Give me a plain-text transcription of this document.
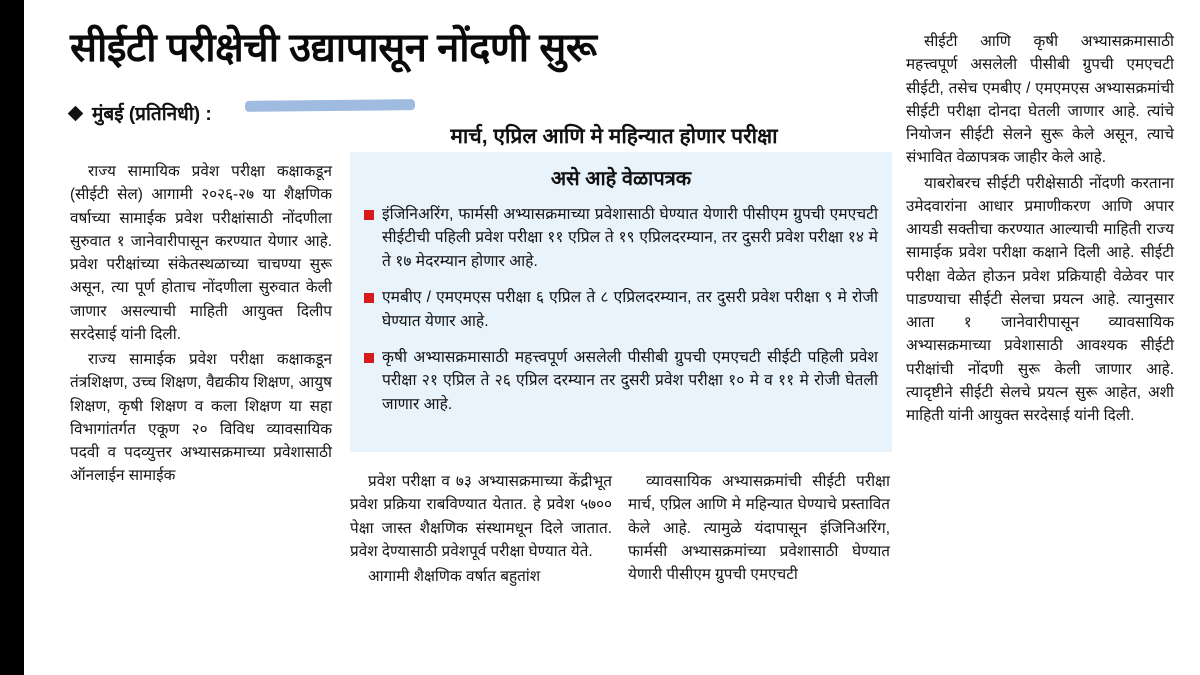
सीईटी परीक्षेची उद्यापासून नोंदणी सुरू
मुंबई (प्रतिनिधी) :
मार्च, एप्रिल आणि मे महिन्यात होणार परीक्षा

राज्य सामायिक प्रवेश परीक्षा कक्षाकडून (सीईटी सेल) आगामी २०२६-२७ या शैक्षणिक वर्षाच्या सामाईक प्रवेश परीक्षांसाठी नोंदणीला सुरुवात १ जानेवारीपासून करण्यात येणार आहे. प्रवेश परीक्षांच्या संकेतस्थळाच्या चाचण्या सुरू असून, त्या पूर्ण होताच नोंदणीला सुरुवात केली जाणार असल्याची माहिती आयुक्त दिलीप सरदेसाई यांनी दिली.

राज्य सामाईक प्रवेश परीक्षा कक्षाकडून तंत्रशिक्षण, उच्च शिक्षण, वैद्यकीय शिक्षण, आयुष शिक्षण, कृषी शिक्षण व कला शिक्षण या सहा विभागांतर्गत एकूण २० विविध व्यावसायिक पदवी व पदव्युत्तर अभ्यासक्रमाच्या प्रवेशासाठी ऑनलाईन सामाईक

असे आहे वेळापत्रक
इंजिनिअरिंग, फार्मसी अभ्यासक्रमाच्या प्रवेशासाठी घेण्यात येणारी पीसीएम ग्रुपची एमएचटी सीईटीची पहिली प्रवेश परीक्षा ११ एप्रिल ते १९ एप्रिलदरम्यान, तर दुसरी प्रवेश परीक्षा १४ मे ते १७ मेदरम्यान होणार आहे.
एमबीए / एमएमएस परीक्षा ६ एप्रिल ते ८ एप्रिलदरम्यान, तर दुसरी प्रवेश परीक्षा ९ मे रोजी घेण्यात येणार आहे.
कृषी अभ्यासक्रमासाठी महत्त्वपूर्ण असलेली पीसीबी ग्रुपची एमएचटी सीईटी पहिली प्रवेश परीक्षा २१ एप्रिल ते २६ एप्रिल दरम्यान तर दुसरी प्रवेश परीक्षा १० मे व ११ मे रोजी घेतली जाणार आहे.

प्रवेश परीक्षा व ७३ अभ्यासक्रमाच्या केंद्रीभूत प्रवेश प्रक्रिया राबविण्यात येतात. हे प्रवेश ५७०० पेक्षा जास्त शैक्षणिक संस्थामधून दिले जातात. प्रवेश देण्यासाठी प्रवेशपूर्व परीक्षा घेण्यात येते.

आगामी शैक्षणिक वर्षात बहुतांश

व्यावसायिक अभ्यासक्रमांची सीईटी परीक्षा मार्च, एप्रिल आणि मे महिन्यात घेण्याचे प्रस्तावित केले आहे. त्यामुळे यंदापासून इंजिनिअरिंग, फार्मसी अभ्यासक्रमांच्या प्रवेशासाठी घेण्यात येणारी पीसीएम ग्रुपची एमएचटी

सीईटी आणि कृषी अभ्यासक्रमासाठी महत्त्वपूर्ण असलेली पीसीबी ग्रुपची एमएचटी सीईटी, तसेच एमबीए / एमएमएस अभ्यासक्रमांची सीईटी परीक्षा दोनदा घेतली जाणार आहे. त्यांचे नियोजन सीईटी सेलने सुरू केले असून, त्याचे संभावित वेळापत्रक जाहीर केले आहे.

याबरोबरच सीईटी परीक्षेसाठी नोंदणी करताना उमेदवारांना आधार प्रमाणीकरण आणि अपार आयडी सक्तीचा करण्यात आल्याची माहिती राज्य सामाईक प्रवेश परीक्षा कक्षाने दिली आहे. सीईटी परीक्षा वेळेत होऊन प्रवेश प्रक्रियाही वेळेवर पार पाडण्याचा सीईटी सेलचा प्रयत्न आहे. त्यानुसार आता १ जानेवारीपासून व्यावसायिक अभ्यासक्रमाच्या प्रवेशासाठी आवश्यक सीईटी परीक्षांची नोंदणी सुरू केली जाणार आहे. त्यादृष्टीने सीईटी सेलचे प्रयत्न सुरू आहेत, अशी माहिती यांनी आयुक्त सरदेसाई यांनी दिली.
